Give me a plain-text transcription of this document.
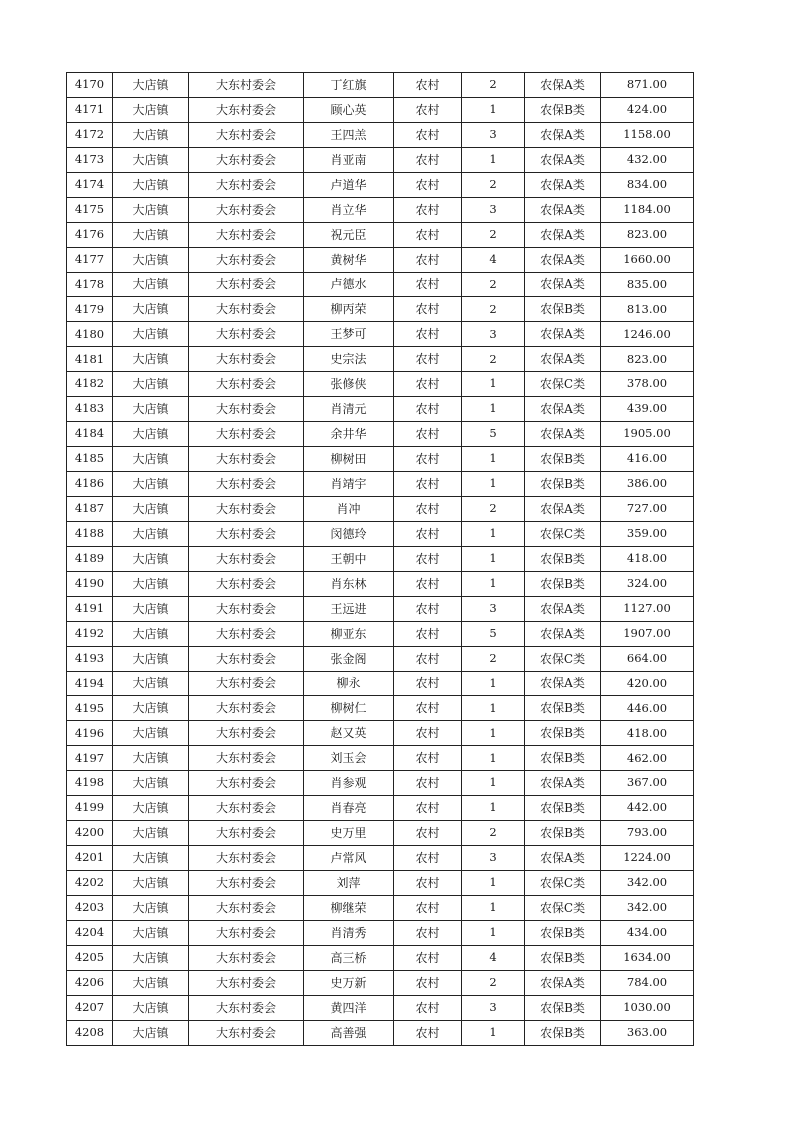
4170	大店镇	大东村委会	丁红旗	农村	2	农保A类	871.00
4171	大店镇	大东村委会	顾心英	农村	1	农保B类	424.00
4172	大店镇	大东村委会	王四羔	农村	3	农保A类	1158.00
4173	大店镇	大东村委会	肖亚南	农村	1	农保A类	432.00
4174	大店镇	大东村委会	卢道华	农村	2	农保A类	834.00
4175	大店镇	大东村委会	肖立华	农村	3	农保A类	1184.00
4176	大店镇	大东村委会	祝元臣	农村	2	农保A类	823.00
4177	大店镇	大东村委会	黄树华	农村	4	农保A类	1660.00
4178	大店镇	大东村委会	卢德水	农村	2	农保A类	835.00
4179	大店镇	大东村委会	柳丙荣	农村	2	农保B类	813.00
4180	大店镇	大东村委会	王梦可	农村	3	农保A类	1246.00
4181	大店镇	大东村委会	史宗法	农村	2	农保A类	823.00
4182	大店镇	大东村委会	张修侠	农村	1	农保C类	378.00
4183	大店镇	大东村委会	肖清元	农村	1	农保A类	439.00
4184	大店镇	大东村委会	余井华	农村	5	农保A类	1905.00
4185	大店镇	大东村委会	柳树田	农村	1	农保B类	416.00
4186	大店镇	大东村委会	肖靖宇	农村	1	农保B类	386.00
4187	大店镇	大东村委会	肖冲	农村	2	农保A类	727.00
4188	大店镇	大东村委会	闵德玲	农村	1	农保C类	359.00
4189	大店镇	大东村委会	王朝中	农村	1	农保B类	418.00
4190	大店镇	大东村委会	肖东林	农村	1	农保B类	324.00
4191	大店镇	大东村委会	王远进	农村	3	农保A类	1127.00
4192	大店镇	大东村委会	柳亚东	农村	5	农保A类	1907.00
4193	大店镇	大东村委会	张金阁	农村	2	农保C类	664.00
4194	大店镇	大东村委会	柳永	农村	1	农保A类	420.00
4195	大店镇	大东村委会	柳树仁	农村	1	农保B类	446.00
4196	大店镇	大东村委会	赵又英	农村	1	农保B类	418.00
4197	大店镇	大东村委会	刘玉会	农村	1	农保B类	462.00
4198	大店镇	大东村委会	肖参观	农村	1	农保A类	367.00
4199	大店镇	大东村委会	肖春亮	农村	1	农保B类	442.00
4200	大店镇	大东村委会	史万里	农村	2	农保B类	793.00
4201	大店镇	大东村委会	卢常风	农村	3	农保A类	1224.00
4202	大店镇	大东村委会	刘萍	农村	1	农保C类	342.00
4203	大店镇	大东村委会	柳继荣	农村	1	农保C类	342.00
4204	大店镇	大东村委会	肖清秀	农村	1	农保B类	434.00
4205	大店镇	大东村委会	高三桥	农村	4	农保B类	1634.00
4206	大店镇	大东村委会	史万新	农村	2	农保A类	784.00
4207	大店镇	大东村委会	黄四洋	农村	3	农保B类	1030.00
4208	大店镇	大东村委会	高善强	农村	1	农保B类	363.00
